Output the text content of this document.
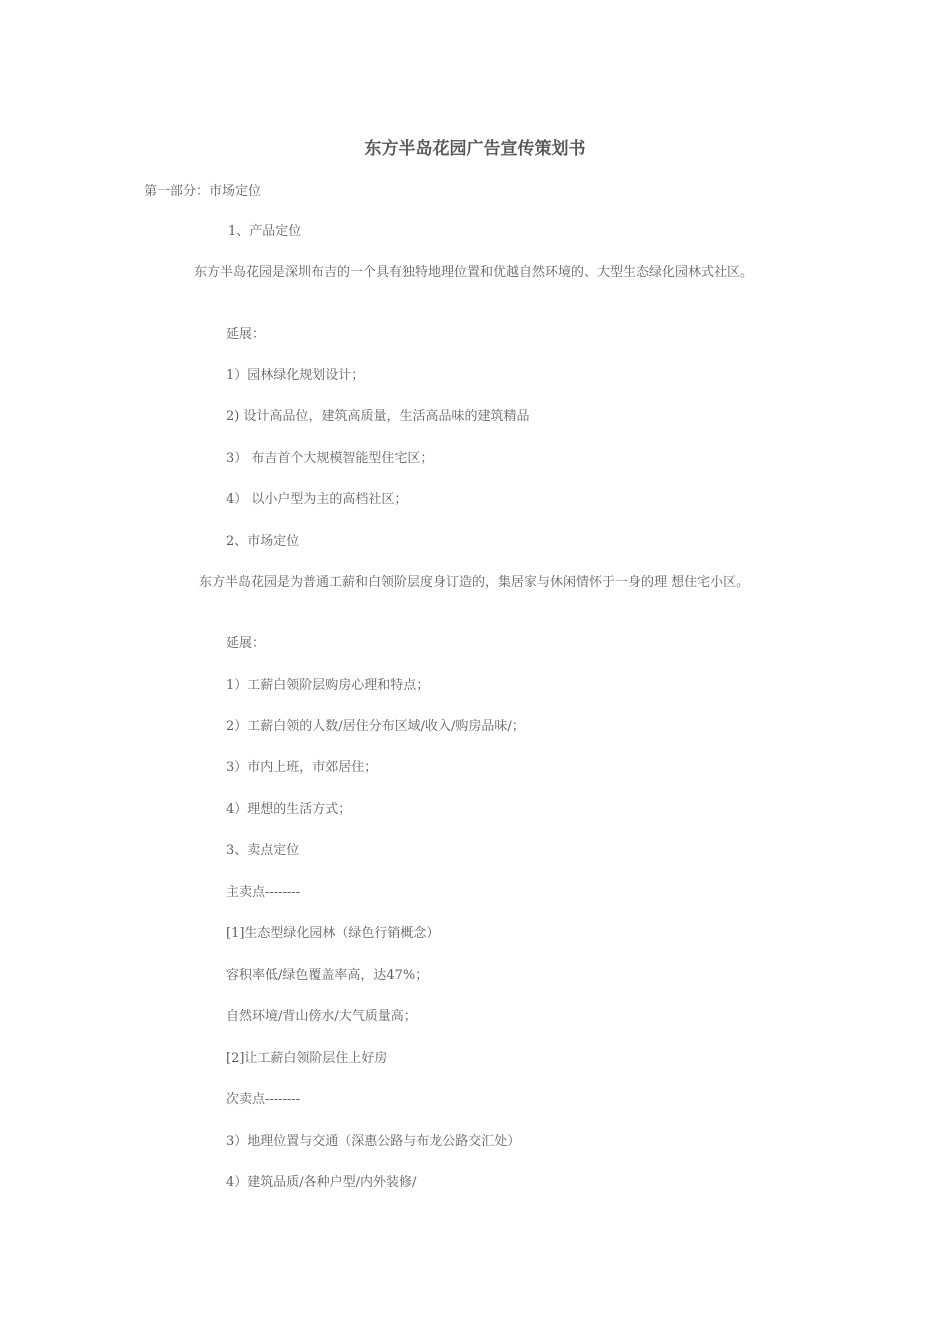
东方半岛花园广告宣传策划书
第一部分：市场定位
1、产品定位
东方半岛花园是深圳布吉的一个具有独特地理位置和优越自然环境的、大型生态绿化园林式社区。
延展：
1）园林绿化规划设计；
2) 设计高品位，建筑高质量，生活高品味的建筑精品
3） 布吉首个大规模智能型住宅区；
4） 以小户型为主的高档社区；
2、市场定位
东方半岛花园是为普通工薪和白领阶层度身订造的，集居家与休闲情怀于一身的理 想住宅小区。
延展：
1）工薪白领阶层购房心理和特点；
2）工薪白领的人数/居住分布区域/收入/购房品味/；
3）市内上班，市郊居住；
4）理想的生活方式；
3、卖点定位
主卖点--------
[1]生态型绿化园林（绿色行销概念）
容积率低/绿色覆盖率高，达47%；
自然环境/背山傍水/大气质量高；
[2]让工薪白领阶层住上好房
次卖点--------
3）地理位置与交通（深惠公路与布龙公路交汇处）
4）建筑品质/各种户型/内外装修/
